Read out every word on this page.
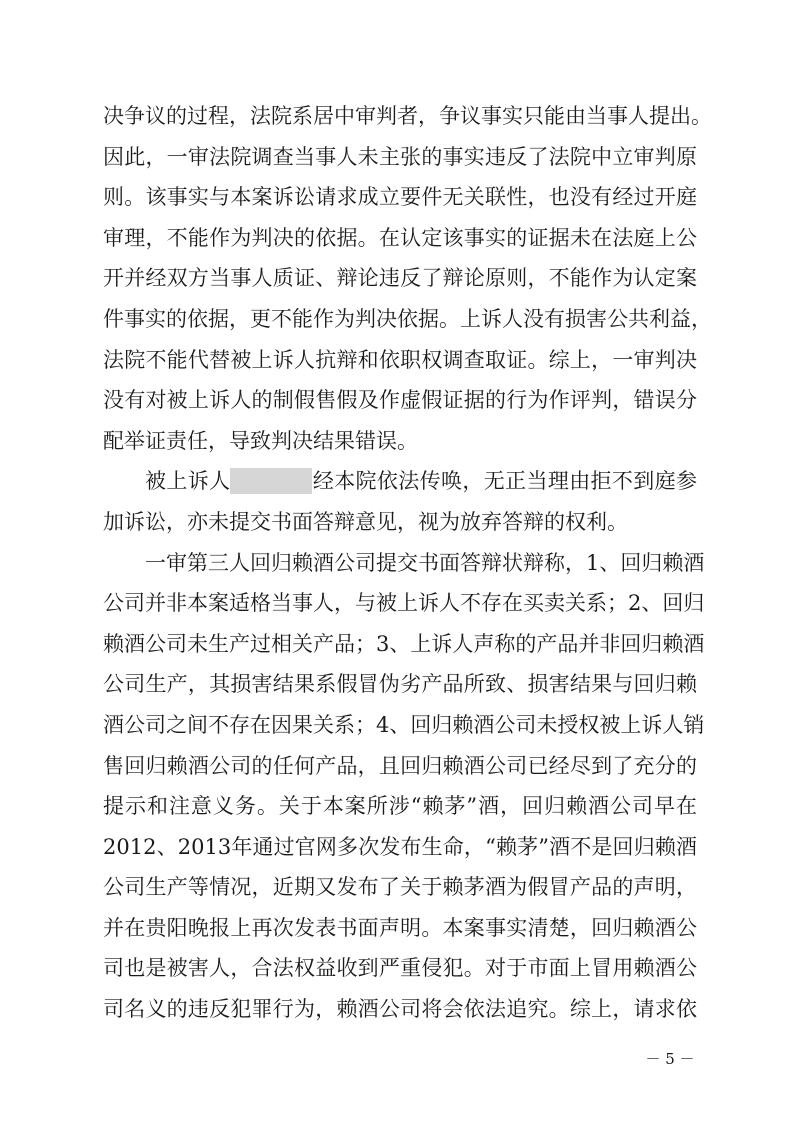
决争议的过程，法院系居中审判者，争议事实只能由当事人提出。
因此，一审法院调查当事人未主张的事实违反了法院中立审判原
则。该事实与本案诉讼请求成立要件无关联性，也没有经过开庭
审理，不能作为判决的依据。在认定该事实的证据未在法庭上公
开并经双方当事人质证、辩论违反了辩论原则，不能作为认定案
件事实的依据，更不能作为判决依据。上诉人没有损害公共利益，
法院不能代替被上诉人抗辩和依职权调查取证。综上，一审判决
没有对被上诉人的制假售假及作虚假证据的行为作评判，错误分
配举证责任，导致判决结果错误。
被上诉人	经本院依法传唤，无正当理由拒不到庭参
加诉讼，亦未提交书面答辩意见，视为放弃答辩的权利。
一审第三人回归赖酒公司提交书面答辩状辩称，1、回归赖酒
公司并非本案适格当事人，与被上诉人不存在买卖关系；2、回归
赖酒公司未生产过相关产品；3、上诉人声称的产品并非回归赖酒
公司生产，其损害结果系假冒伪劣产品所致、损害结果与回归赖
酒公司之间不存在因果关系；4、回归赖酒公司未授权被上诉人销
售回归赖酒公司的任何产品，且回归赖酒公司已经尽到了充分的
提示和注意义务。关于本案所涉“赖茅”酒，回归赖酒公司早在
2012、2013年通过官网多次发布生命，“赖茅”酒不是回归赖酒
公司生产等情况，近期又发布了关于赖茅酒为假冒产品的声明，
并在贵阳晚报上再次发表书面声明。本案事实清楚，回归赖酒公
司也是被害人，合法权益收到严重侵犯。对于市面上冒用赖酒公
司名义的违反犯罪行为，赖酒公司将会依法追究。综上，请求依
－ 5 －
